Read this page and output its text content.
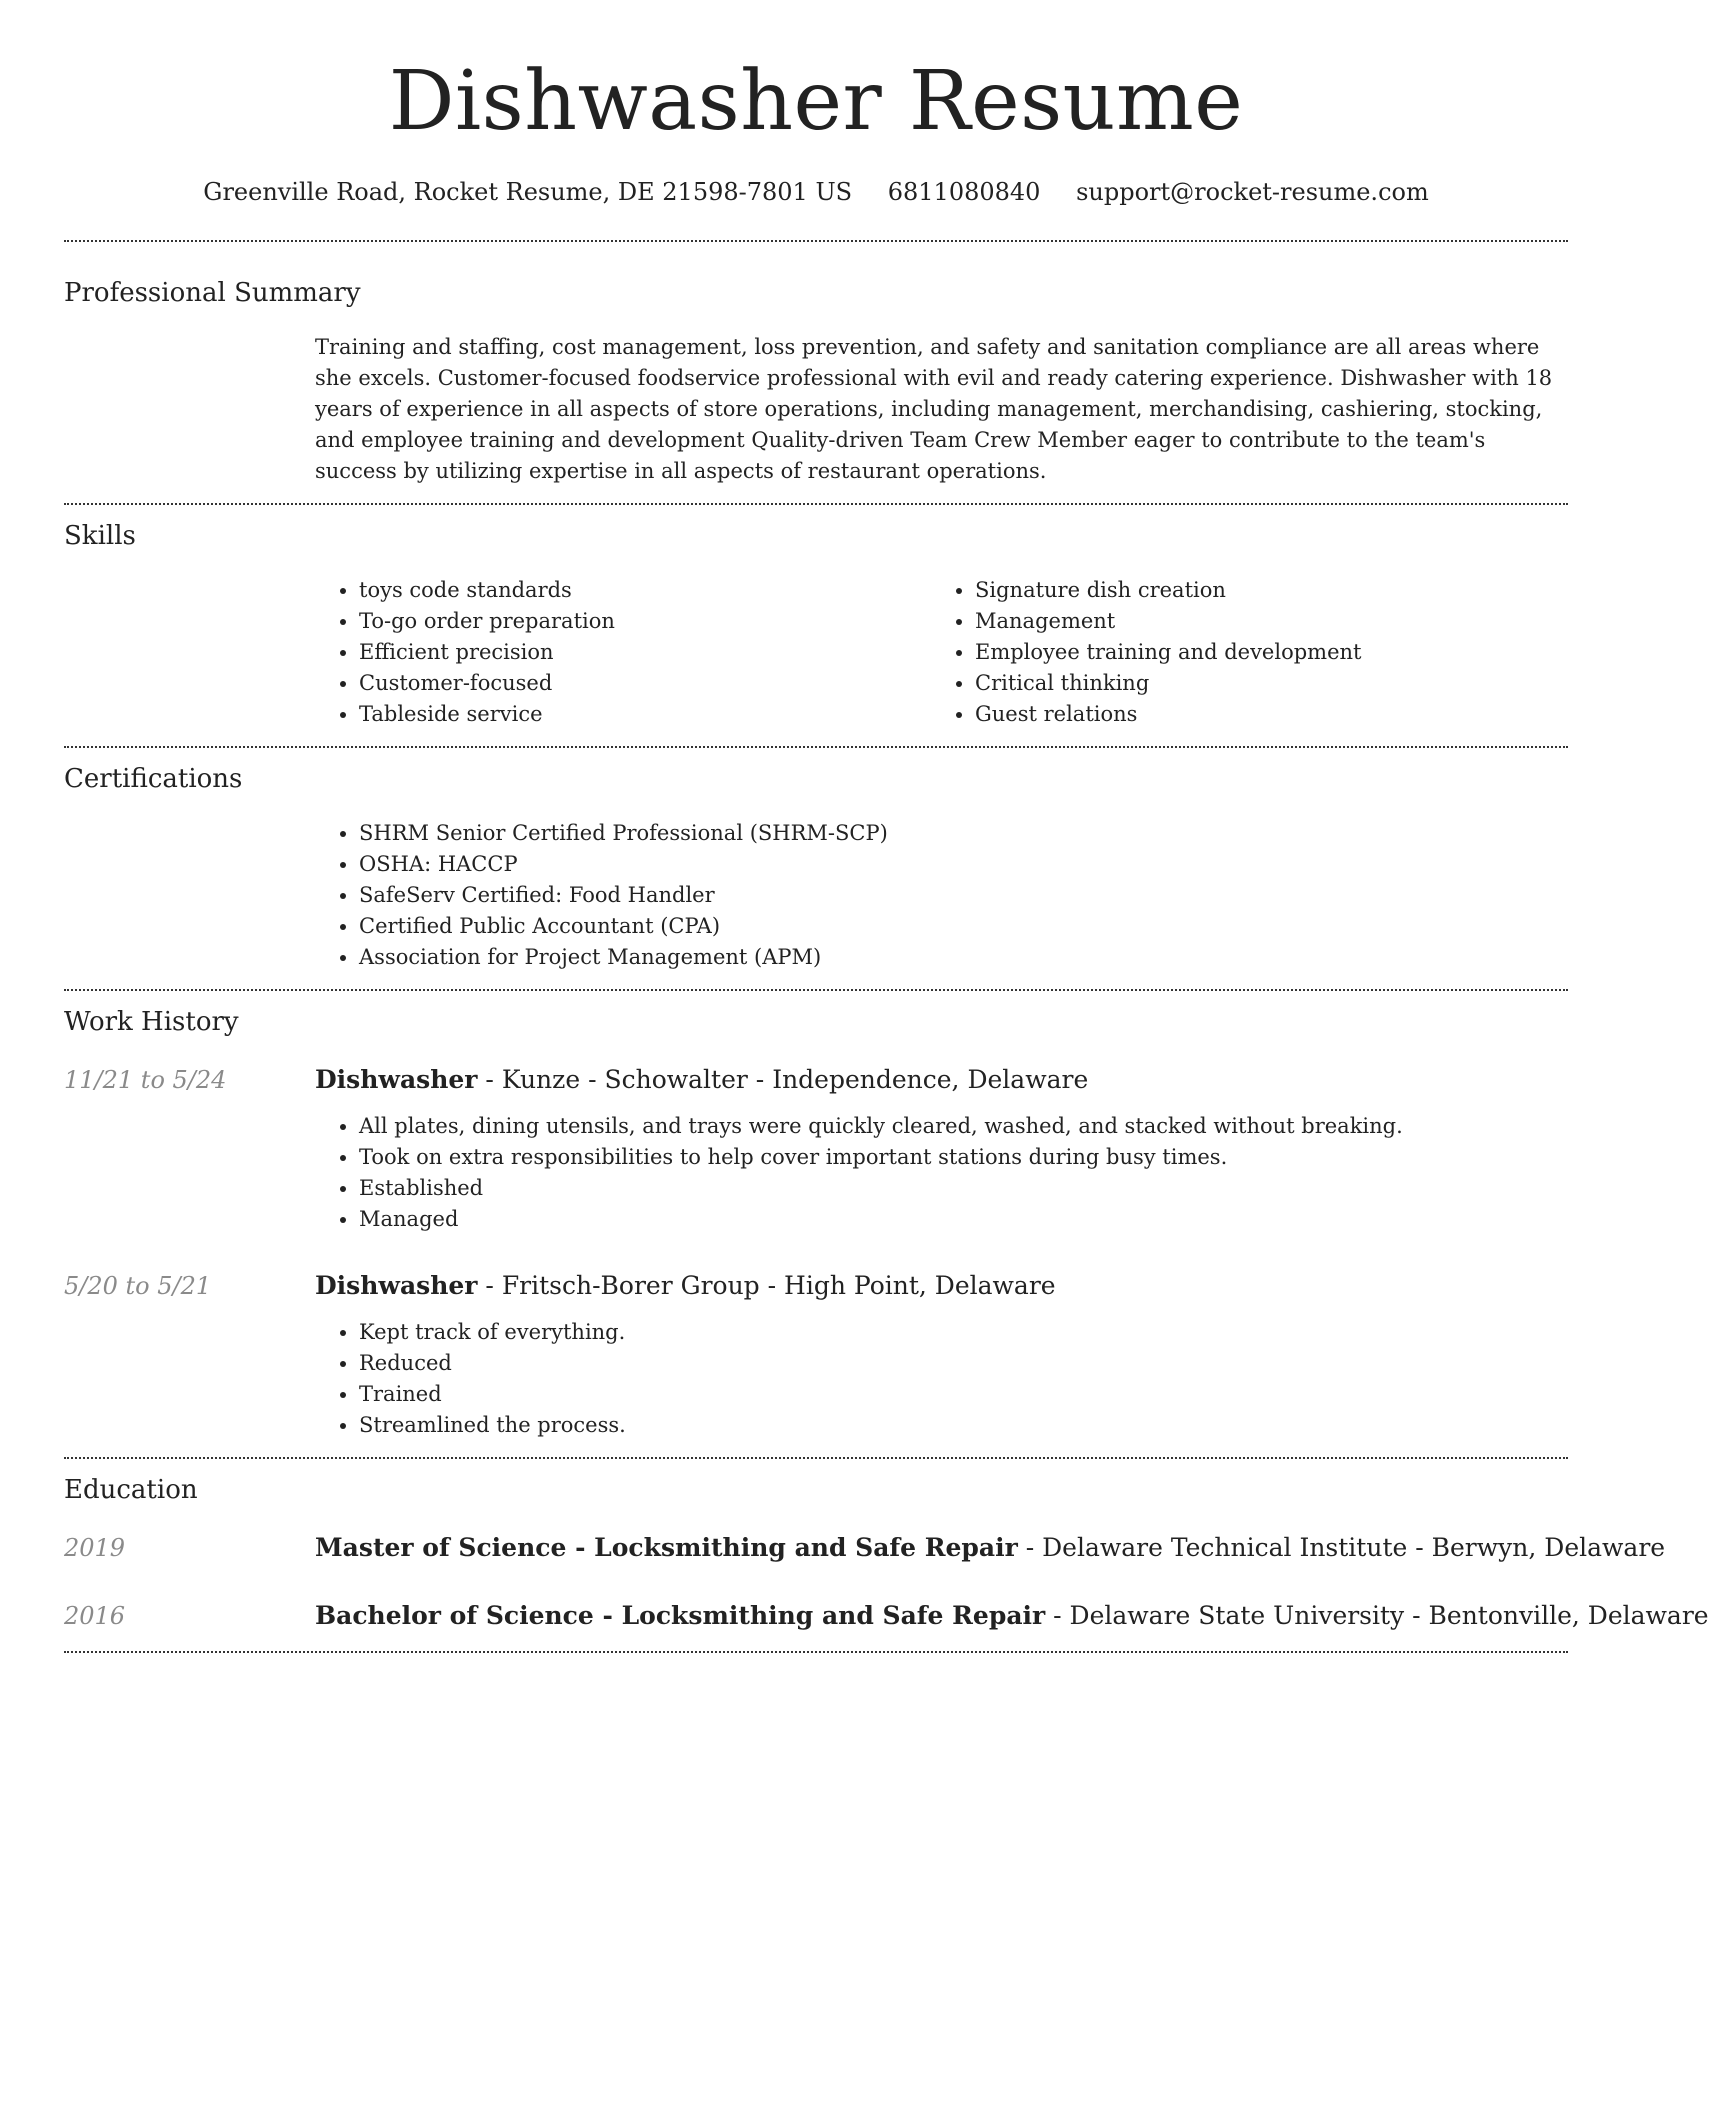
Dishwasher Resume
Greenville Road, Rocket Resume, DE 21598-7801 US 6811080840 support@rocket-resume.com
Professional Summary

Training and staffing, cost management, loss prevention, and safety and sanitation compliance are all areas where she excels. Customer-focused foodservice professional with evil and ready catering experience. Dishwasher with 18 years of experience in all aspects of store operations, including management, merchandising, cashiering, stocking, and employee training and development Quality-driven Team Crew Member eager to contribute to the team's success by utilizing expertise in all aspects of restaurant operations.

Skills
• toys code standards
• To-go order preparation
• Efficient precision
• Customer-focused
• Tableside service
• Signature dish creation
• Management
• Employee training and development
• Critical thinking
• Guest relations
Certifications
• SHRM Senior Certified Professional (SHRM-SCP)
• OSHA: HACCP
• SafeServ Certified: Food Handler
• Certified Public Accountant (CPA)
• Association for Project Management (APM)
Work History
11/21 to 5/24	Dishwasher - Kunze - Schowalter - Independence, Delaware
• All plates, dining utensils, and trays were quickly cleared, washed, and stacked without breaking.
• Took on extra responsibilities to help cover important stations during busy times.
• Established
• Managed
5/20 to 5/21	Dishwasher - Fritsch-Borer Group - High Point, Delaware
• Kept track of everything.
• Reduced
• Trained
• Streamlined the process.
Education
2019	Master of Science - Locksmithing and Safe Repair - Delaware Technical Institute - Berwyn, Delaware
2016	Bachelor of Science - Locksmithing and Safe Repair - Delaware State University - Bentonville, Delaware
